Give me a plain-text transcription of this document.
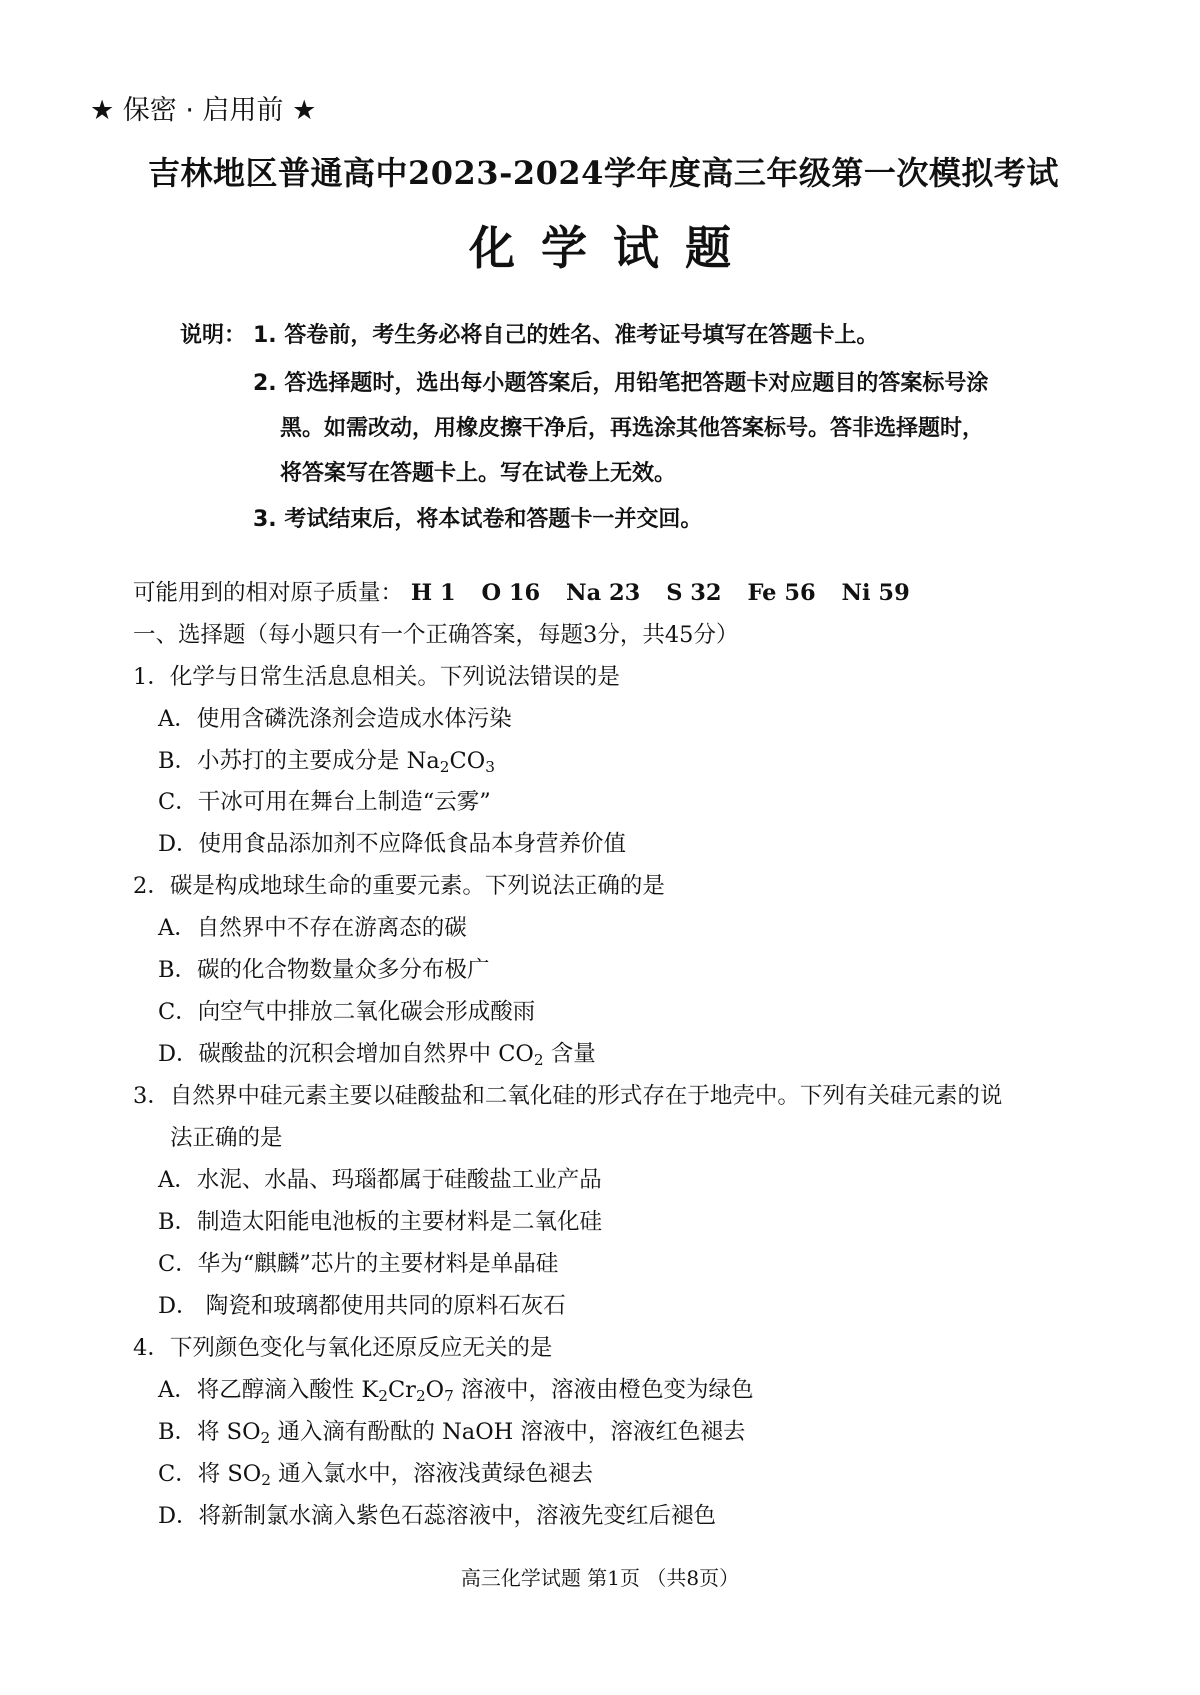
★ 保密 · 启用前 ★
吉林地区普通高中2023-2024学年度高三年级第一次模拟考试
化学试题
说明： 1. 答卷前，考生务必将自己的姓名、准考证号填写在答题卡上。
2. 答选择题时，选出每小题答案后，用铅笔把答题卡对应题目的答案标号涂
黑。如需改动，用橡皮擦干净后，再选涂其他答案标号。答非选择题时，
将答案写在答题卡上。写在试卷上无效。
3. 考试结束后，将本试卷和答题卡一并交回。
可能用到的相对原子质量： H 1 O 16 Na 23 S 32 Fe 56 Ni 59
一、选择题（每小题只有一个正确答案，每题3分，共45分）
1．化学与日常生活息息相关。下列说法错误的是
A．使用含磷洗涤剂会造成水体污染
B．小苏打的主要成分是 $Na_2CO_3$
C．干冰可用在舞台上制造“云雾”
D．使用食品添加剂不应降低食品本身营养价值
2．碳是构成地球生命的重要元素。下列说法正确的是
A．自然界中不存在游离态的碳
B．碳的化合物数量众多分布极广
C．向空气中排放二氧化碳会形成酸雨
D．碳酸盐的沉积会增加自然界中 $CO_2$ 含量
3．自然界中硅元素主要以硅酸盐和二氧化硅的形式存在于地壳中。下列有关硅元素的说
法正确的是
A．水泥、水晶、玛瑙都属于硅酸盐工业产品
B．制造太阳能电池板的主要材料是二氧化硅
C．华为“麒麟”芯片的主要材料是单晶硅
D． 陶瓷和玻璃都使用共同的原料石灰石
4．下列颜色变化与氧化还原反应无关的是
A．将乙醇滴入酸性 $K_2Cr_2O_7$ 溶液中，溶液由橙色变为绿色
B．将 $SO_2$ 通入滴有酚酞的 NaOH 溶液中，溶液红色褪去
C．将 $SO_2$ 通入氯水中，溶液浅黄绿色褪去
D．将新制氯水滴入紫色石蕊溶液中，溶液先变红后褪色
高三化学试题 第1页 （共8页）
